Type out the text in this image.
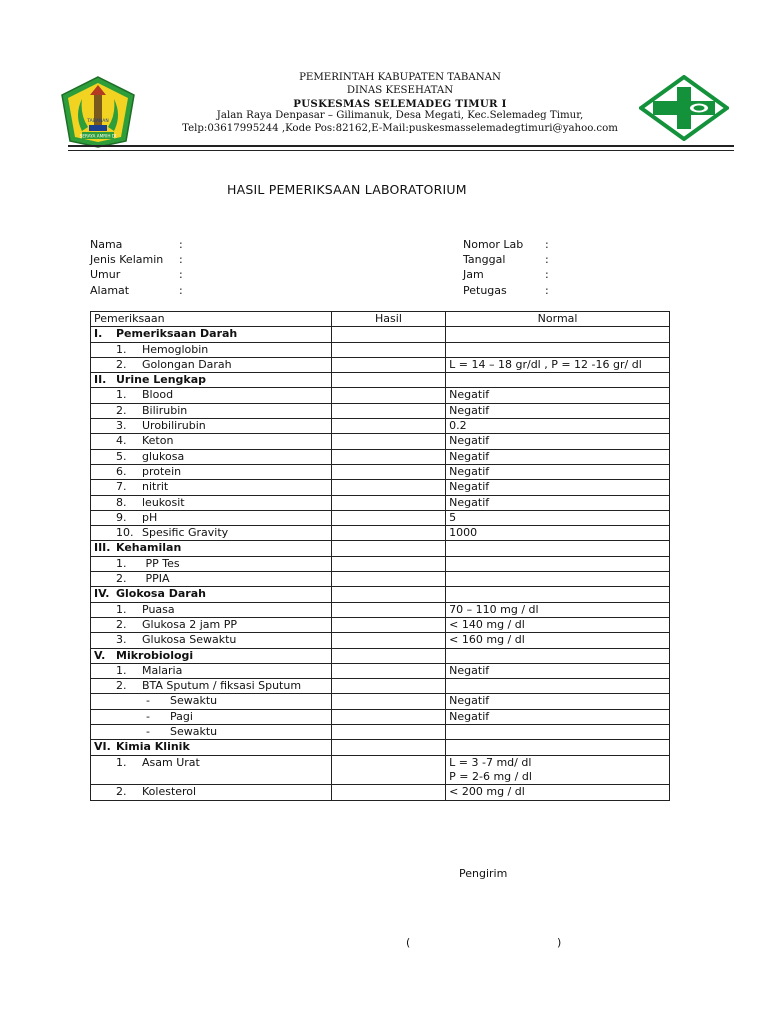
SERAYA AMRIH DI
TABANAN
PEMERINTAH KABUPATEN TABANAN
DINAS KESEHATAN
PUSKESMAS SELEMADEG TIMUR I
Jalan Raya Denpasar – Gilimanuk, Desa Megati, Kec.Selemadeg Timur,
Telp:03617995244 ,Kode Pos:82162,E-Mail:puskesmasselemadegtimuri@yahoo.com
HASIL PEMERIKSAAN LABORATORIUM
Nama	:
Jenis Kelamin	:
Umur	:
Alamat	:
Nomor Lab	:
Tanggal	:
Jam	:
Petugas	:
Pemeriksaan	Hasil	Normal
I. Pemeriksaan Darah		
1. Hemoglobin		
2. Golongan Darah		L = 14 – 18 gr/dl , P = 12 -16 gr/ dl
II. Urine Lengkap		
1. Blood		Negatif
2. Bilirubin		Negatif
3. Urobilirubin		0.2
4. Keton		Negatif
5. glukosa		Negatif
6. protein		Negatif
7. nitrit		Negatif
8. leukosit		Negatif
9. pH		5
10. Spesific Gravity		1000
III. Kehamilan		
1. PP Tes		
2. PPIA		
IV. Glokosa Darah		
1. Puasa		70 – 110 mg / dl
2. Glukosa 2 jam PP		< 140 mg / dl
3. Glukosa Sewaktu		< 160 mg / dl
V. Mikrobiologi		
1. Malaria		Negatif
2. BTA Sputum / fiksasi Sputum		
- Sewaktu		Negatif
- Pagi		Negatif
- Sewaktu		
VI. Kimia Klinik		
1. Asam Urat		L = 3 -7 md/ dl
P = 2-6 mg / dl

2. Kolesterol		< 200 mg / dl
Pengirim
(	)
